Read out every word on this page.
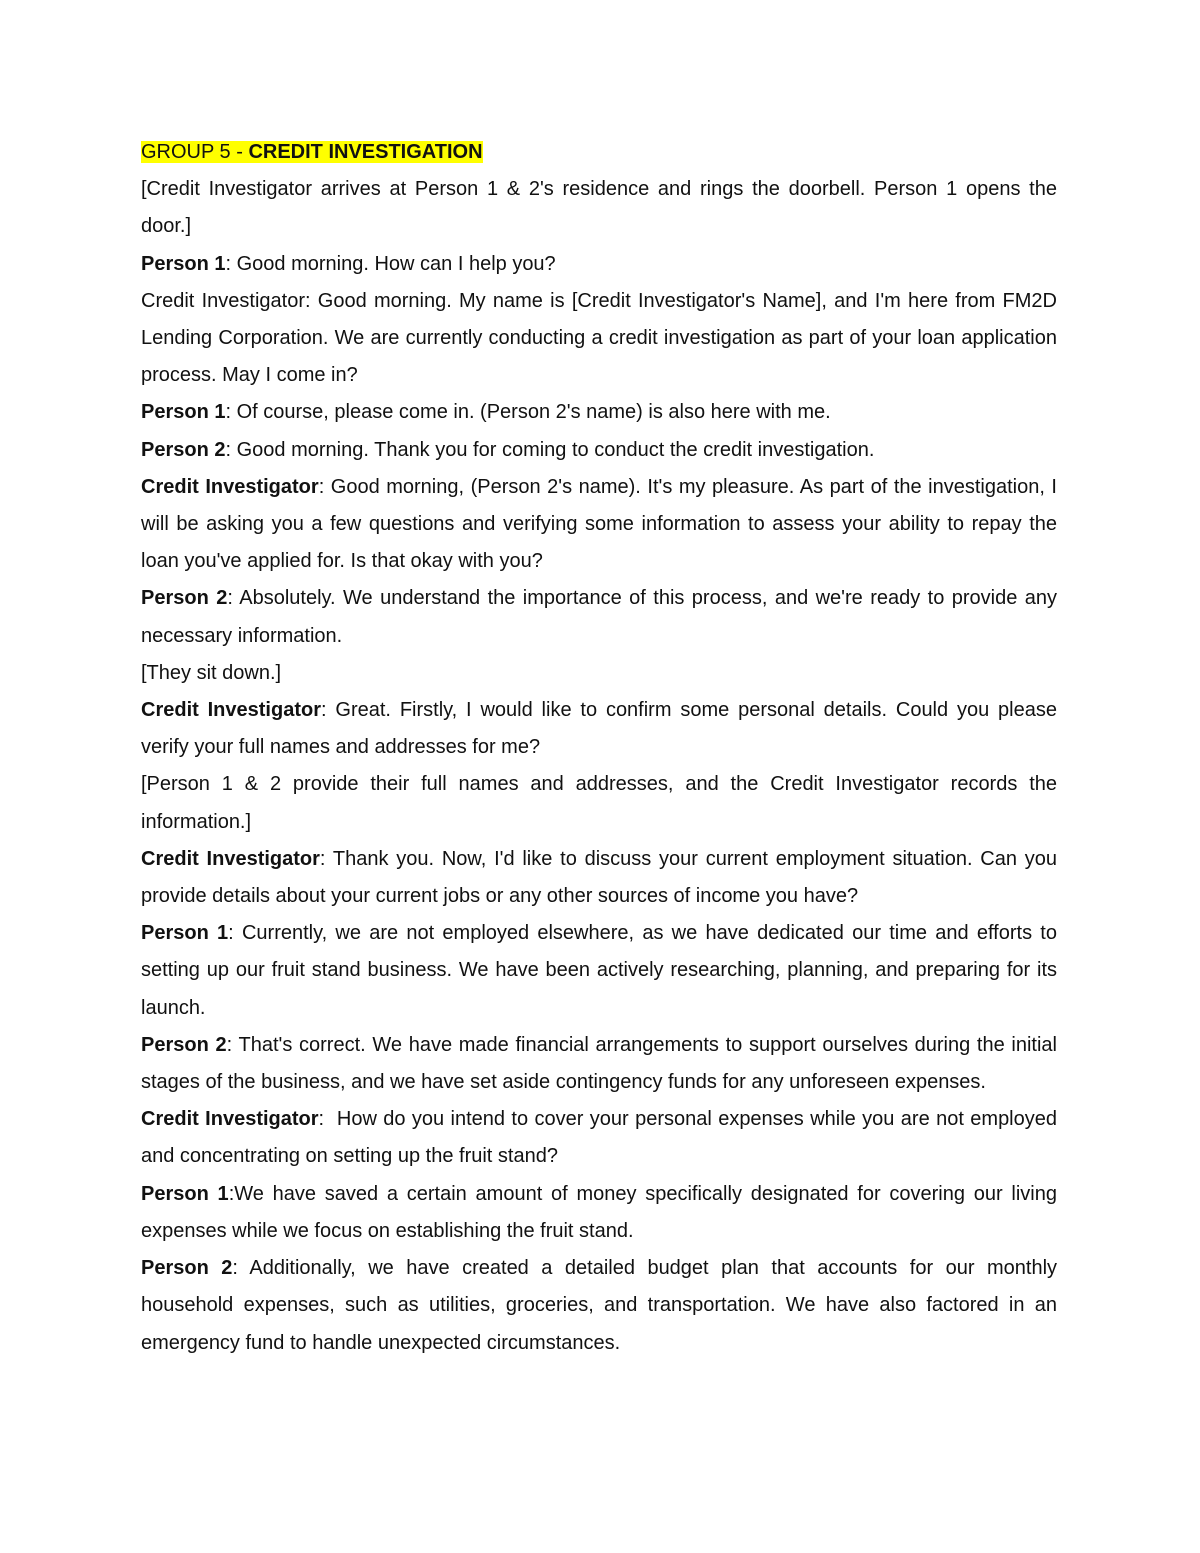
GROUP 5 - CREDIT INVESTIGATION

[Credit Investigator arrives at Person 1 & 2's residence and rings the doorbell. Person 1 opens the door.]

Person 1: Good morning. How can I help you?

Credit Investigator: Good morning. My name is [Credit Investigator's Name], and I'm here from FM2D Lending Corporation. We are currently conducting a credit investigation as part of your loan application process. May I come in?

Person 1: Of course, please come in. (Person 2's name) is also here with me.

Person 2: Good morning. Thank you for coming to conduct the credit investigation.

Credit Investigator: Good morning, (Person 2's name). It's my pleasure. As part of the investigation, I will be asking you a few questions and verifying some information to assess your ability to repay the loan you've applied for. Is that okay with you?

Person 2: Absolutely. We understand the importance of this process, and we're ready to provide any necessary information.

[They sit down.]

Credit Investigator: Great. Firstly, I would like to confirm some personal details. Could you please verify your full names and addresses for me?

[Person 1 & 2 provide their full names and addresses, and the Credit Investigator records the information.]

Credit Investigator: Thank you. Now, I'd like to discuss your current employment situation. Can you provide details about your current jobs or any other sources of income you have?

Person 1: Currently, we are not employed elsewhere, as we have dedicated our time and efforts to setting up our fruit stand business. We have been actively researching, planning, and preparing for its launch.

Person 2: That's correct. We have made financial arrangements to support ourselves during the initial stages of the business, and we have set aside contingency funds for any unforeseen expenses.

Credit Investigator:  How do you intend to cover your personal expenses while you are not employed and concentrating on setting up the fruit stand?

Person 1:We have saved a certain amount of money specifically designated for covering our living expenses while we focus on establishing the fruit stand.

Person 2: Additionally, we have created a detailed budget plan that accounts for our monthly household expenses, such as utilities, groceries, and transportation. We have also factored in an emergency fund to handle unexpected circumstances.
